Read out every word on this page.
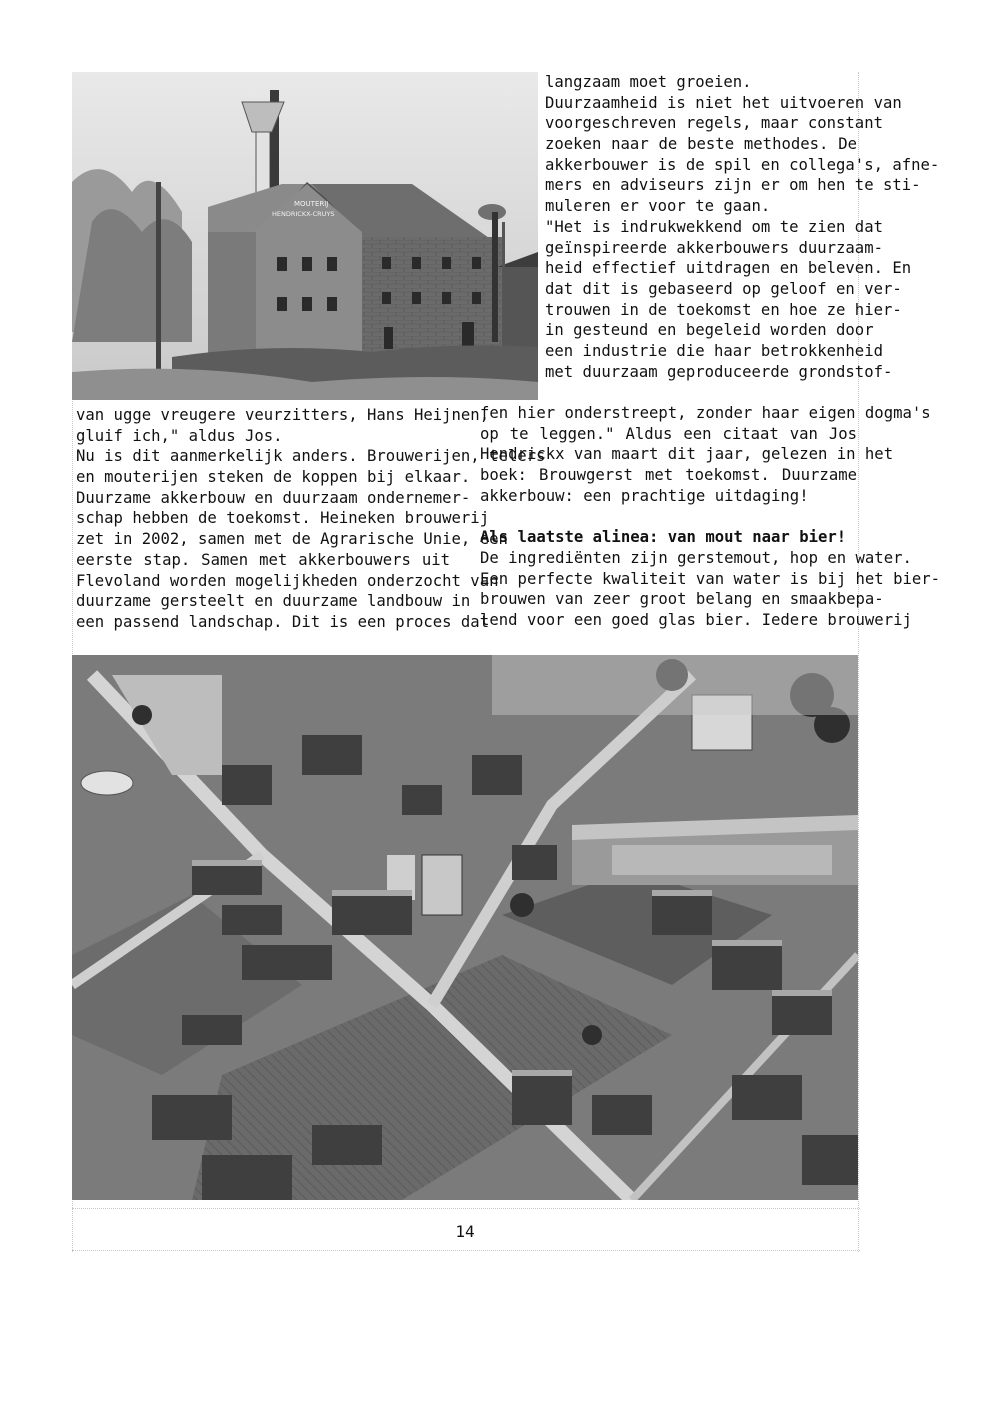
MOUTERIJ
HENDRICKX-CRUYS
van ugge vreugere veurzitters, Hans Heijnen,
gluif ich," aldus Jos.
Nu is dit aanmerkelijk anders. Brouwerijen, telers
en mouterijen steken de koppen bij elkaar.
Duurzame akkerbouw en duurzaam ondernemer-
schap hebben de toekomst. Heineken brouwerij
zet in 2002, samen met de Agrarische Unie, een
eerste stap. Samen met akkerbouwers uit
Flevoland worden mogelijkheden onderzocht van
duurzame gersteelt en duurzame landbouw in
een passend landschap. Dit is een proces dat
langzaam moet groeien.
Duurzaamheid is niet het uitvoeren van
voorgeschreven regels, maar constant
zoeken naar de beste methodes. De
akkerbouwer is de spil en collega's, afne-
mers en adviseurs zijn er om hen te sti-
muleren er voor te gaan.
"Het is indrukwekkend om te zien dat
geïnspireerde akkerbouwers duurzaam-
heid effectief uitdragen en beleven. En
dat dit is gebaseerd op geloof en ver-
trouwen in de toekomst en hoe ze hier-
in gesteund en begeleid worden door
een industrie die haar betrokkenheid
met duurzaam geproduceerde grondstof-
fen hier onderstreept, zonder haar eigen dogma's
op te leggen." Aldus een citaat van Jos
Hendrickx van maart dit jaar, gelezen in het
boek: Brouwgerst met toekomst. Duurzame
akkerbouw: een prachtige uitdaging!
Als laatste alinea: van mout naar bier!
De ingrediënten zijn gerstemout, hop en water.
Een perfecte kwaliteit van water is bij het bier-
brouwen van zeer groot belang en smaakbepa-
lend voor een goed glas bier. Iedere brouwerij
14
